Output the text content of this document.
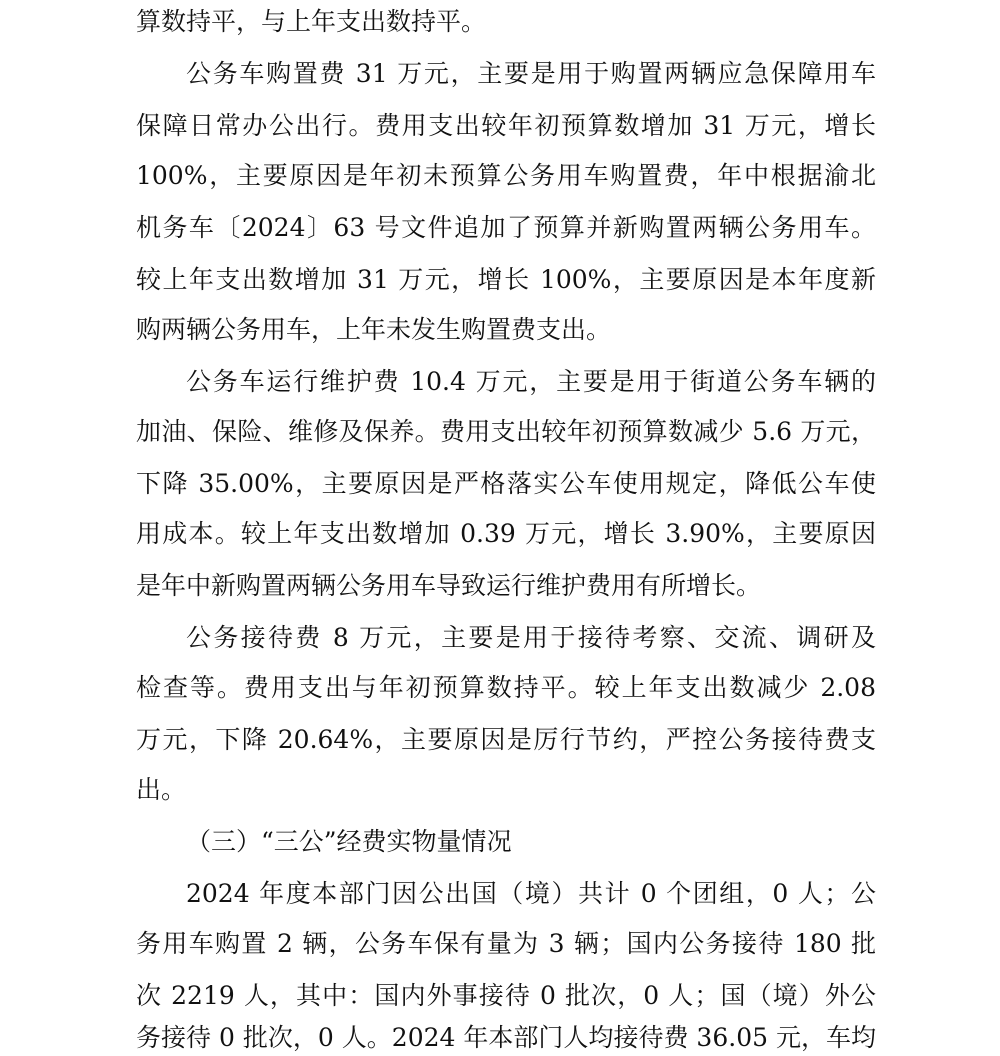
算数持平，与上年支出数持平。
公务车购置费 31 万元，主要是用于购置两辆应急保障用车
保障日常办公出行。费用支出较年初预算数增加 31 万元，增长
100%，主要原因是年初未预算公务用车购置费，年中根据渝北
机务车〔2024〕63 号文件追加了预算并新购置两辆公务用车。
较上年支出数增加 31 万元，增长 100%，主要原因是本年度新
购两辆公务用车，上年未发生购置费支出。
公务车运行维护费 10.4 万元，主要是用于街道公务车辆的
加油、保险、维修及保养。费用支出较年初预算数减少 5.6 万元，
下降 35.00%，主要原因是严格落实公车使用规定，降低公车使
用成本。较上年支出数增加 0.39 万元，增长 3.90%，主要原因
是年中新购置两辆公务用车导致运行维护费用有所增长。
公务接待费 8 万元，主要是用于接待考察、交流、调研及
检查等。费用支出与年初预算数持平。较上年支出数减少 2.08
万元，下降 20.64%，主要原因是厉行节约，严控公务接待费支
出。
（三）“三公”经费实物量情况
2024 年度本部门因公出国（境）共计 0 个团组，0 人；公
务用车购置 2 辆，公务车保有量为 3 辆；国内公务接待 180 批
次 2219 人，其中：国内外事接待 0 批次，0 人；国（境）外公
务接待 0 批次，0 人。2024 年本部门人均接待费 36.05 元，车均
